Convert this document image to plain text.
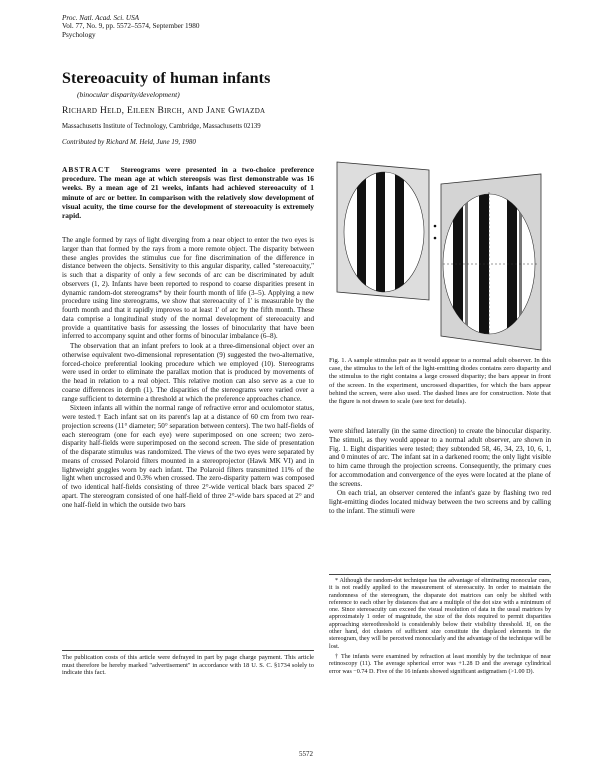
Proc. Natl. Acad. Sci. USA
Vol. 77, No. 9, pp. 5572–5574, September 1980
Psychology
Stereoacuity of human infants
(binocular disparity/development)
Richard Held, Eileen Birch, and Jane Gwiazda
Massachusetts Institute of Technology, Cambridge, Massachusetts 02139
Contributed by Richard M. Held, June 19, 1980
ABSTRACT Stereograms were presented in a two-choice preference procedure. The mean age at which stereopsis was first demonstrable was 16 weeks. By a mean age of 21 weeks, infants had achieved stereoacuity of 1 minute of arc or better. In comparison with the relatively slow development of visual acuity, the time course for the development of stereoacuity is extremely rapid.

The angle formed by rays of light diverging from a near object to enter the two eyes is larger than that formed by the rays from a more remote object. The disparity between these angles provides the stimulus cue for fine discrimination of the difference in distance between the objects. Sensitivity to this angular disparity, called "stereoacuity," is such that a disparity of only a few seconds of arc can be discriminated by adult observers (1, 2). Infants have been reported to respond to coarse disparities present in dynamic random-dot stereograms* by their fourth month of life (3–5). Applying a new procedure using line stereograms, we show that stereoacuity of 1' is measurable by the fourth month and that it rapidly improves to at least 1' of arc by the fifth month. These data comprise a longitudinal study of the normal development of stereoacuity and provide a quantitative basis for assessing the losses of binocularity that have been inferred to accompany squint and other forms of binocular imbalance (6–8).

The observation that an infant prefers to look at a three-dimensional object over an otherwise equivalent two-dimensional representation (9) suggested the two-alternative, forced-choice preferential looking procedure which we employed (10). Stereograms were used in order to eliminate the parallax motion that is produced by movements of the head in relation to a real object. This relative motion can also serve as a cue to coarse differences in depth (1). The disparities of the stereograms were varied over a range sufficient to determine a threshold at which the preference approaches chance.

Sixteen infants all within the normal range of refractive error and oculomotor status, were tested.† Each infant sat on its parent's lap at a distance of 60 cm from two rear-projection screens (11° diameter; 50° separation between centers). The two half-fields of each stereogram (one for each eye) were superimposed on one screen; two zero-disparity half-fields were superimposed on the second screen. The side of presentation of the disparate stimulus was randomized. The views of the two eyes were separated by means of crossed Polaroid filters mounted in a stereoprojector (Hawk MK VI) and in lightweight goggles worn by each infant. The Polaroid filters transmitted 11% of the light when uncrossed and 0.3% when crossed. The zero-disparity pattern was composed of two identical half-fields consisting of three 2°-wide vertical black bars spaced 2° apart. The stereogram consisted of one half-field of three 2°-wide bars spaced at 2° and one half-field in which the outside two bars

The publication costs of this article were defrayed in part by page charge payment. This article must therefore be hereby marked "advertisement" in accordance with 18 U. S. C. §1734 solely to indicate this fact.
Fig. 1. A sample stimulus pair as it would appear to a normal adult observer. In this case, the stimulus to the left of the light-emitting diodes contains zero disparity and the stimulus to the right contains a large crossed disparity; the bars appear in front of the screen. In the experiment, uncrossed disparities, for which the bars appear behind the screen, were also used. The dashed lines are for construction. Note that the figure is not drawn to scale (see text for details).

were shifted laterally (in the same direction) to create the binocular disparity. The stimuli, as they would appear to a normal adult observer, are shown in Fig. 1. Eight disparities were tested; they subtended 58, 46, 34, 23, 10, 6, 1, and 0 minutes of arc. The infant sat in a darkened room; the only light visible to him came through the projection screens. Consequently, the primary cues for accommodation and convergence of the eyes were located at the plane of the screens.

On each trial, an observer centered the infant's gaze by flashing two red light-emitting diodes located midway between the two screens and by calling to the infant. The stimuli were

* Although the random-dot technique has the advantage of eliminating monocular cues, it is not readily applied to the measurement of stereoacuity. In order to maintain the randomness of the stereogram, the disparate dot matrices can only be shifted with reference to each other by distances that are a multiple of the dot size with a minimum of one. Since stereoacuity can exceed the visual resolution of data in the usual matrices by approximately 1 order of magnitude, the size of the dots required to permit disparities approaching stereothreshold is considerably below their visibility threshold. If, on the other hand, dot clusters of sufficient size constitute the displaced elements in the stereogram, they will be perceived monocularly and the advantage of the technique will be lost.

† The infants were examined by refraction at least monthly by the technique of near retinoscopy (11). The average spherical error was +1.28 D and the average cylindrical error was −0.74 D. Five of the 16 infants showed significant astigmatism (>1.00 D).

5572
